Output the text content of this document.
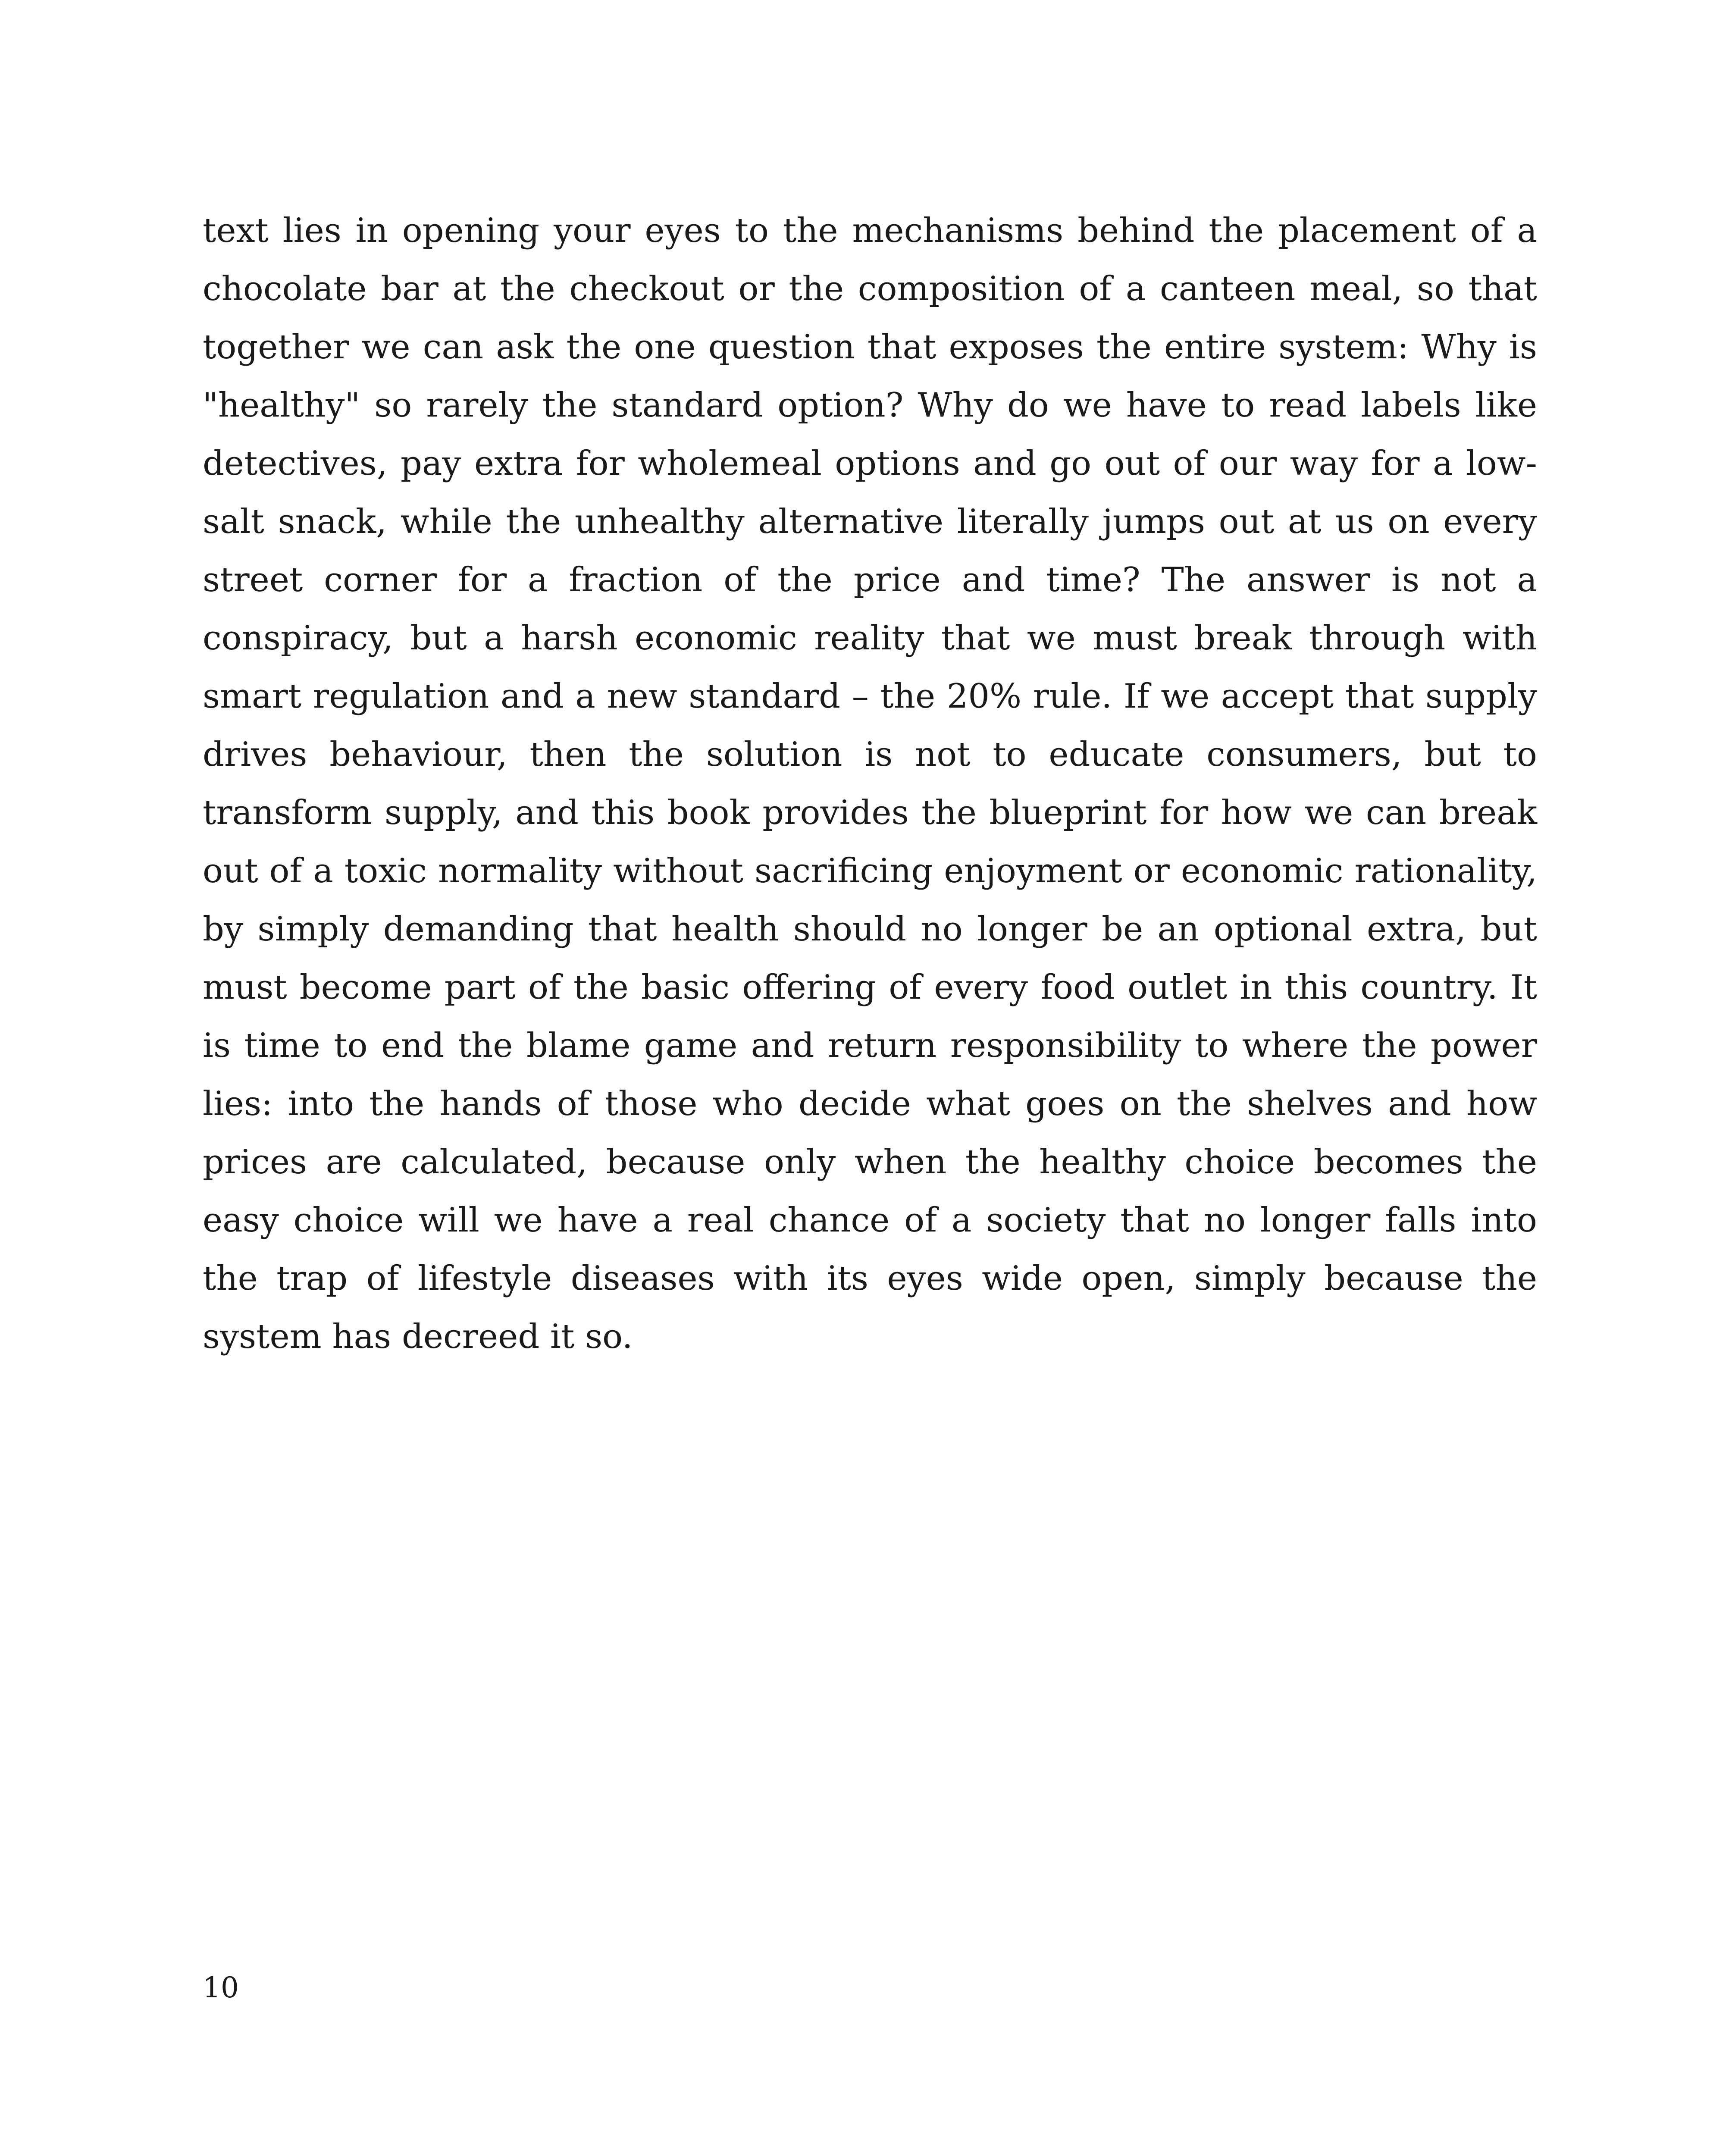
text lies in opening your eyes to the mechanisms behind the placement of a chocolate bar at the checkout or the composition of a canteen meal, so that together we can ask the one question that exposes the entire system: Why is "healthy" so rarely the standard option? Why do we have to read labels like detectives, pay extra for wholemeal options and go out of our way for a low-salt snack, while the unhealthy alternative literally jumps out at us on every street corner for a fraction of the price and time? The answer is not a conspiracy, but a harsh economic reality that we must break through with smart regulation and a new standard – the 20% rule. If we accept that supply drives behaviour, then the solution is not to educate consumers, but to transform supply, and this book provides the blueprint for how we can break out of a toxic normality without sacrificing enjoyment or economic rationality, by simply demanding that health should no longer be an optional extra, but must become part of the basic offering of every food outlet in this country. It is time to end the blame game and return responsibility to where the power lies: into the hands of those who decide what goes on the shelves and how prices are calculated, because only when the healthy choice becomes the easy choice will we have a real chance of a society that no longer falls into the trap of lifestyle diseases with its eyes wide open, simply because the system has decreed it so.

10
